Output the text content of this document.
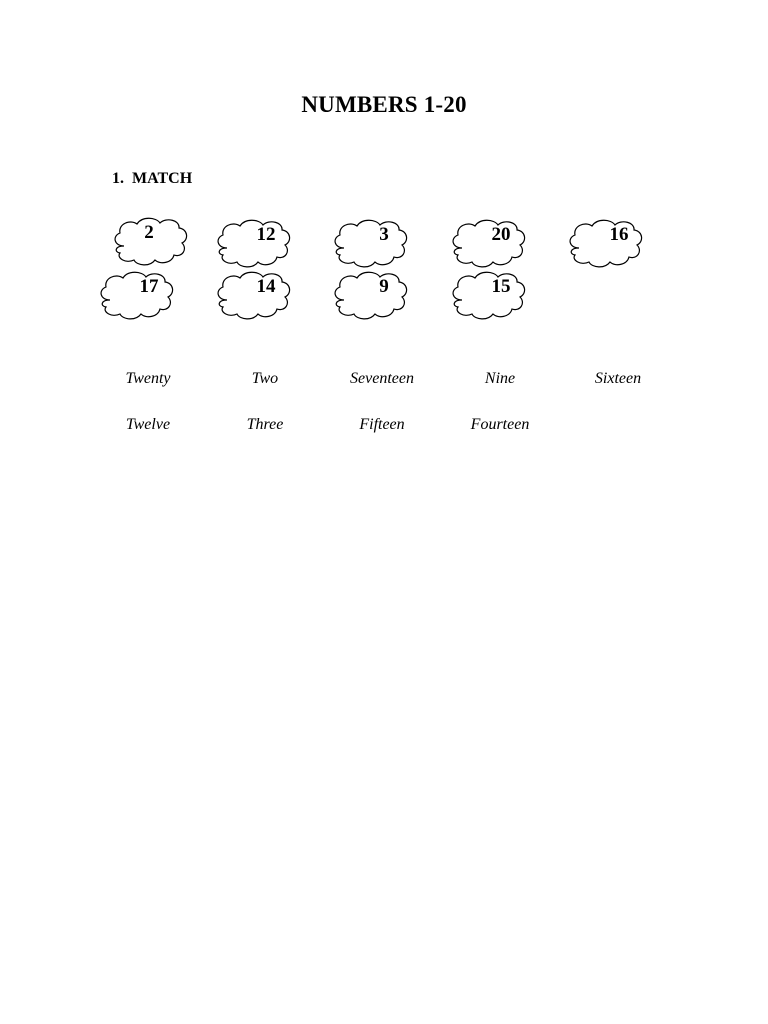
NUMBERS 1-20
1. MATCH
2	12	3	20	16
17	14	9	15
Twenty	Two	Seventeen	Nine	Sixteen
Twelve	Three	Fifteen	Fourteen
